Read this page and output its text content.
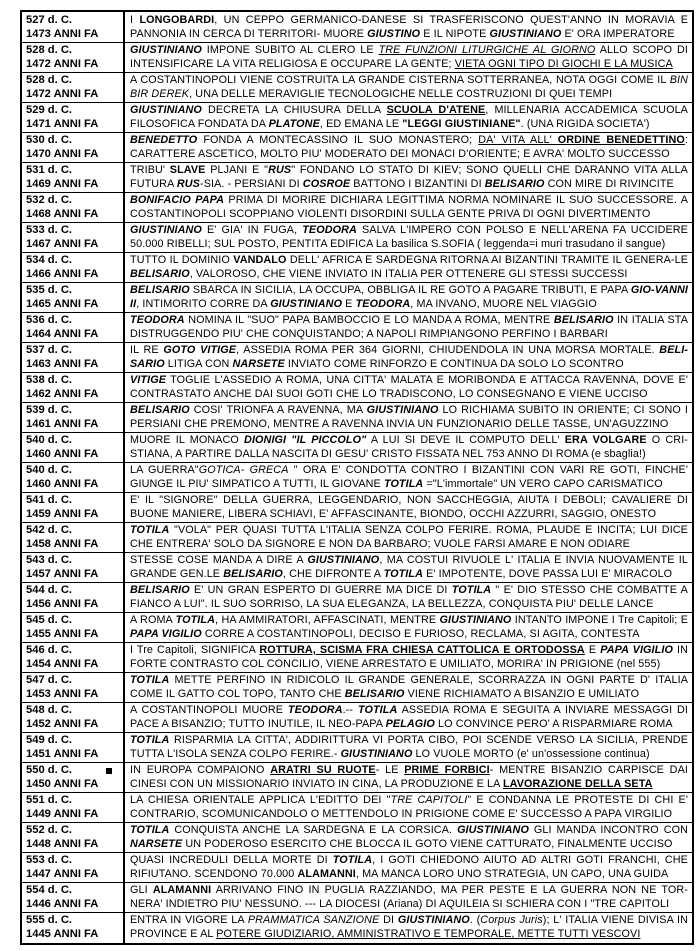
527 d. C.
1473 ANNI FA
I LONGOBARDI, UN CEPPO GERMANICO-DANESE SI TRASFERISCONO QUEST'ANNO IN MORAVIA E PANNONIA IN CERCA DI TERRITORI- MUORE GIUSTINO E IL NIPOTE GIUSTINIANO E' ORA IMPERATORE
528 d. C.
1472 ANNI FA
GIUSTINIANO IMPONE SUBITO AL CLERO LE TRE FUNZIONI LITURGICHE AL GIORNO ALLO SCOPO DI INTENSIFICARE LA VITA RELIGIOSA E OCCUPARE LA GENTE; VIETA OGNI TIPO DI GIOCHI E LA MUSICA
528 d. C.
1472 ANNI FA
A COSTANTINOPOLI VIENE COSTRUITA LA GRANDE CISTERNA SOTTERRANEA, NOTA OGGI COME IL BIN BIR DEREK, UNA DELLE MERAVIGLIE TECNOLOGICHE NELLE COSTRUZIONI DI QUEI TEMPI
529 d. C.
1471 ANNI FA
GIUSTINIANO DECRETA LA CHIUSURA DELLA SCUOLA D'ATENE, MILLENARIA ACCADEMICA SCUOLA FILOSOFICA FONDATA DA PLATONE, ED EMANA LE "LEGGI GIUSTINIANE". (UNA RIGIDA SOCIETA')
530 d. C.
1470 ANNI FA
BENEDETTO FONDA A MONTECASSINO IL SUO MONASTERO; DA' VITA ALL' ORDINE BENEDETTINO: CARATTERE ASCETICO, MOLTO PIU' MODERATO DEI MONACI D'ORIENTE; E AVRA' MOLTO SUCCESSO
531 d. C.
1469 ANNI FA
TRIBU' SLAVE PLJANI E "RUS" FONDANO LO STATO DI KIEV; SONO QUELLI CHE DARANNO VITA ALLA FUTURA RUS-SIA. - PERSIANI DI COSROE BATTONO I BIZANTINI DI BELISARIO CON MIRE DI RIVINCITE
532 d. C.
1468 ANNI FA
BONIFACIO PAPA PRIMA DI MORIRE DICHIARA LEGITTIMA NORMA NOMINARE IL SUO SUCCESSORE. A COSTANTINOPOLI SCOPPIANO VIOLENTI DISORDINI SULLA GENTE PRIVA DI OGNI DIVERTIMENTO
533 d. C.
1467 ANNI FA
GIUSTINIANO E' GIA' IN FUGA, TEODORA SALVA L'IMPERO CON POLSO E NELL'ARENA FA UCCIDERE 50.000 RIBELLI; SUL POSTO, PENTITA EDIFICA La basilica S.SOFIA ( leggenda=i muri trasudano il sangue)
534 d. C.
1466 ANNI FA
TUTTO IL DOMINIO VANDALO DELL' AFRICA E SARDEGNA RITORNA AI BIZANTINI TRAMITE IL GENERA-LE BELISARIO, VALOROSO, CHE VIENE INVIATO IN ITALIA PER OTTENERE GLI STESSI SUCCESSI
535 d. C.
1465 ANNI FA
BELISARIO SBARCA IN SICILIA, LA OCCUPA, OBBLIGA IL RE GOTO A PAGARE TRIBUTI, E PAPA GIO-VANNI II, INTIMORITO CORRE DA GIUSTINIANO E TEODORA, MA INVANO, MUORE NEL VIAGGIO
536 d. C.
1464 ANNI FA
TEODORA NOMINA IL "SUO" PAPA BAMBOCCIO E LO MANDA A ROMA, MENTRE BELISARIO IN ITALIA STA DISTRUGGENDO PIU' CHE CONQUISTANDO; A NAPOLI RIMPIANGONO PERFINO I BARBARI
537 d. C.
1463 ANNI FA
IL RE GOTO VITIGE, ASSEDIA ROMA PER 364 GIORNI, CHIUDENDOLA IN UNA MORSA MORTALE. BELI-SARIO LITIGA CON NARSETE INVIATO COME RINFORZO E CONTINUA DA SOLO LO SCONTRO
538 d. C.
1462 ANNI FA
VITIGE TOGLIE L'ASSEDIO A ROMA, UNA CITTA' MALATA E MORIBONDA E ATTACCA RAVENNA, DOVE E' CONTRASTATO ANCHE DAI SUOI GOTI CHE LO TRADISCONO, LO CONSEGNANO E VIENE UCCISO
539 d. C.
1461 ANNI FA
BELISARIO COSI' TRIONFA A RAVENNA, MA GIUSTINIANO LO RICHIAMA SUBITO IN ORIENTE; CI SONO I PERSIANI CHE PREMONO, MENTRE A RAVENNA INVIA UN FUNZIONARIO DELLE TASSE, UN'AGUZZINO
540 d. C.
1460 ANNI FA
MUORE IL MONACO DIONIGI "IL PICCOLO" A LUI SI DEVE IL COMPUTO DELL' ERA VOLGARE O CRI-STIANA, A PARTIRE DALLA NASCITA DI GESU' CRISTO FISSATA NEL 753 ANNO DI ROMA (e sbaglia!)
540 d. C.
1460 ANNI FA
LA GUERRA"GOTICA- GRECA " ORA E' CONDOTTA CONTRO I BIZANTINI CON VARI RE GOTI, FINCHE' GIUNGE IL PIU' SIMPATICO A TUTTI, IL GIOVANE TOTILA ="L'immortale" UN VERO CAPO CARISMATICO
541 d. C.
1459 ANNI FA
E' IL "SIGNORE" DELLA GUERRA, LEGGENDARIO, NON SACCHEGGIA, AIUTA I DEBOLI; CAVALIERE DI BUONE MANIERE, LIBERA SCHIAVI, E' AFFASCINANTE, BIONDO, OCCHI AZZURRI, SAGGIO, ONESTO
542 d. C.
1458 ANNI FA
TOTILA "VOLA" PER QUASI TUTTA L'ITALIA SENZA COLPO FERIRE. ROMA, PLAUDE E INCITA; LUI DICE CHE ENTRERA' SOLO DA SIGNORE E NON DA BARBARO; VUOLE FARSI AMARE E NON ODIARE
543 d. C.
1457 ANNI FA
STESSE COSE MANDA A DIRE A GIUSTINIANO, MA COSTUI RIVUOLE L' ITALIA E INVIA NUOVAMENTE IL GRANDE GEN.LE BELISARIO, CHE DIFRONTE A TOTILA E' IMPOTENTE, DOVE PASSA LUI E' MIRACOLO
544 d. C.
1456 ANNI FA
BELISARIO E' UN GRAN ESPERTO DI GUERRE MA DICE DI TOTILA " E' DIO STESSO CHE COMBATTE A FIANCO A LUI". IL SUO SORRISO, LA SUA ELEGANZA, LA BELLEZZA, CONQUISTA PIU' DELLE LANCE
545 d. C.
1455 ANNI FA
A ROMA TOTILA, HA AMMIRATORI, AFFASCINATI, MENTRE GIUSTINIANO INTANTO IMPONE I Tre Capitoli; E PAPA VIGILIO CORRE A COSTANTINOPOLI, DECISO E FURIOSO, RECLAMA, SI AGITA, CONTESTA
546 d. C.
1454 ANNI FA
I Tre Capitoli, SIGNIFICA ROTTURA, SCISMA FRA CHIESA CATTOLICA E ORTODOSSA E PAPA VIGILIO IN FORTE CONTRASTO COL CONCILIO, VIENE ARRESTATO E UMILIATO, MORIRA' IN PRIGIONE (nel 555)
547 d. C.
1453 ANNI FA
TOTILA METTE PERFINO IN RIDICOLO IL GRANDE GENERALE, SCORRAZZA IN OGNI PARTE D' ITALIA COME IL GATTO COL TOPO, TANTO CHE BELISARIO VIENE RICHIAMATO A BISANZIO E UMILIATO
548 d. C.
1452 ANNI FA
A COSTANTINOPOLI MUORE TEODORA.-- TOTILA ASSEDIA ROMA E SEGUITA A INVIARE MESSAGGI DI PACE A BISANZIO; TUTTO INUTILE, IL NEO-PAPA PELAGIO LO CONVINCE PERO' A RISPARMIARE ROMA
549 d. C.
1451 ANNI FA
TOTILA RISPARMIA LA CITTA', ADDIRITTURA VI PORTA CIBO, POI SCENDE VERSO LA SICILIA, PRENDE TUTTA L'ISOLA SENZA COLPO FERIRE.- GIUSTINIANO LO VUOLE MORTO (e' un'ossessione continua)
550 d. C.
1450 ANNI FA
IN EUROPA COMPAIONO ARATRI SU RUOTE- LE PRIME FORBICI- MENTRE BISANZIO CARPISCE DAI CINESI CON UN MISSIONARIO INVIATO IN CINA, LA PRODUZIONE E LA LAVORAZIONE DELLA SETA
551 d. C.
1449 ANNI FA
LA CHIESA ORIENTALE APPLICA L'EDITTO DEI "TRE CAPITOLI" E CONDANNA LE PROTESTE DI CHI E' CONTRARIO, SCOMUNICANDOLO O METTENDOLO IN PRIGIONE COME E' SUCCESSO A PAPA VIRGILIO
552 d. C.
1448 ANNI FA
TOTILA CONQUISTA ANCHE LA SARDEGNA E LA CORSICA. GIUSTINIANO GLI MANDA INCONTRO CON NARSETE UN PODEROSO ESERCITO CHE BLOCCA IL GOTO VIENE CATTURATO, FINALMENTE UCCISO
553 d. C.
1447 ANNI FA
QUASI INCREDULI DELLA MORTE DI TOTILA, I GOTI CHIEDONO AIUTO AD ALTRI GOTI FRANCHI, CHE RIFIUTANO. SCENDONO 70.000 ALAMANNI, MA MANCA LORO UNO STRATEGIA, UN CAPO, UNA GUIDA
554 d. C.
1446 ANNI FA
GLI ALAMANNI ARRIVANO FINO IN PUGLIA RAZZIANDO, MA PER PESTE E LA GUERRA NON NE TOR-NERA' INDIETRO PIU' NESSUNO. --- LA DIOCESI (Ariana) DI AQUILEIA SI SCHIERA CON I "TRE CAPITOLI
555 d. C.
1445 ANNI FA
ENTRA IN VIGORE LA PRAMMATICA SANZIONE DI GIUSTINIANO. (Corpus Juris); L' ITALIA VIENE DIVISA IN PROVINCE E AL POTERE GIUDIZIARIO, AMMINISTRATIVO E TEMPORALE, METTE TUTTI VESCOVI
